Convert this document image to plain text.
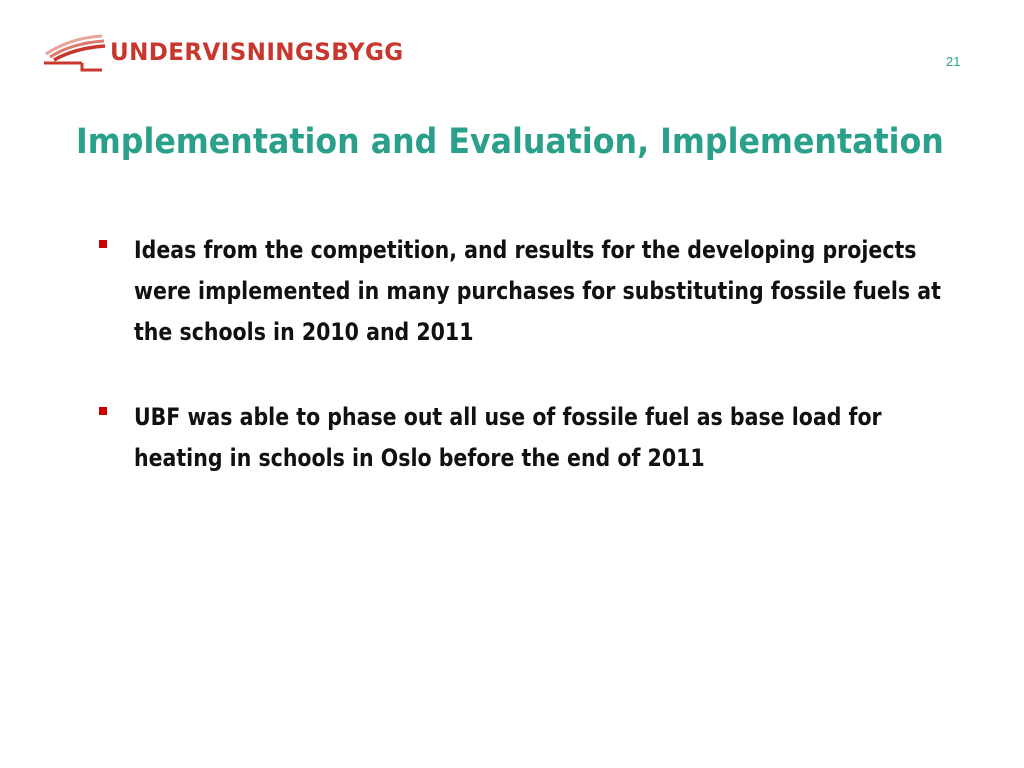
UNDERVISNINGSBYGG	21
Implementation and Evaluation, Implementation
Ideas from the competition, and results for the developing projects were implemented in many purchases for substituting fossile fuels at the schools in 2010 and 2011
UBF was able to phase out all use of fossile fuel as base load for heating in schools in Oslo before the end of 2011
